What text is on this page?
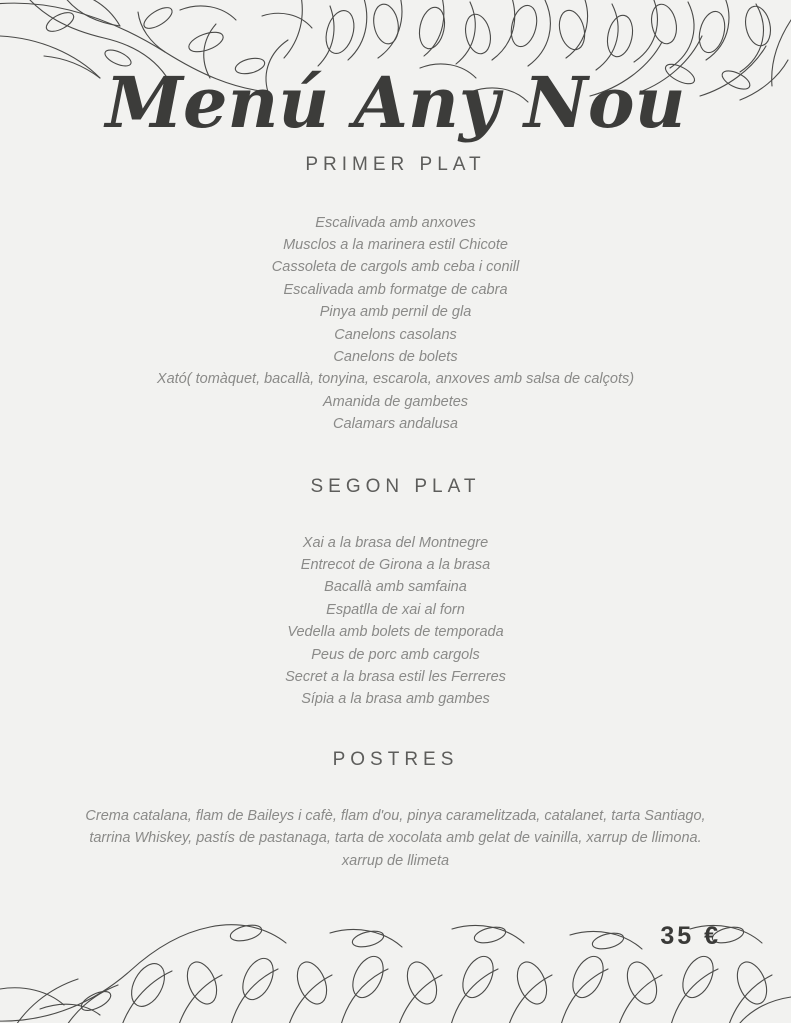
Menú Any Nou
PRIMER PLAT
Escalivada amb anxoves
Musclos a la marinera estil Chicote
Cassoleta de cargols amb ceba i conill
Escalivada amb formatge de cabra
Pinya amb pernil de gla
Canelons casolans
Canelons de bolets
Xató( tomàquet, bacallà, tonyina, escarola, anxoves amb salsa de calçots)
Amanida de gambetes
Calamars andalusa
SEGON PLAT
Xai a la brasa del Montnegre
Entrecot de Girona a la brasa
Bacallà amb samfaina
Espatlla de xai al forn
Vedella amb bolets de temporada
Peus de porc amb cargols
Secret a la brasa estil les Ferreres
Sípia a la brasa amb gambes
POSTRES
Crema catalana, flam de Baileys i cafè, flam d'ou, pinya caramelitzada, catalanet, tarta Santiago,
tarrina Whiskey, pastís de pastanaga, tarta de xocolata amb gelat de vainilla, xarrup de llimona.
xarrup de llimeta
35 €
